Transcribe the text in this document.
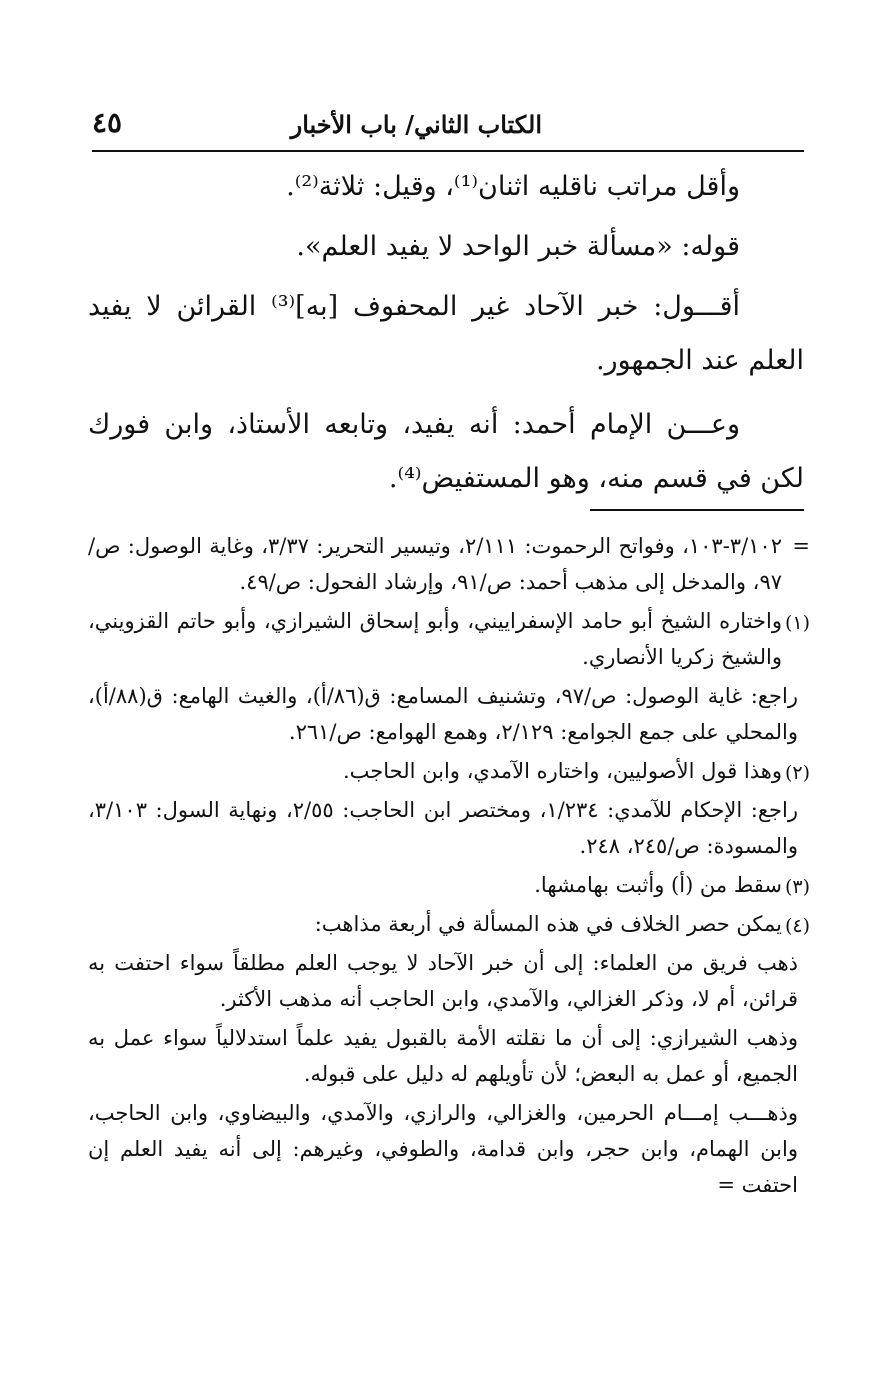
الكتاب الثاني/ باب الأخبار
٤٥

وأقل مراتب ناقليه اثنان⁽¹⁾، وقيل: ثلاثة⁽²⁾.

قوله: «مسألة خبر الواحد لا يفيد العلم».

أقـــول: خبر الآحاد غير المحفوف [به]⁽³⁾ القرائن لا يفيد العلم عند الجمهور.

وعـــن الإمام أحمد: أنه يفيد، وتابعه الأستاذ، وابن فورك لكن في قسم منه، وهو المستفيض⁽⁴⁾.

=
٣/١٠٢-١٠٣، وفواتح الرحموت: ٢/١١١، وتيسير التحرير: ٣/٣٧، وغاية الوصول: ص/٩٧، والمدخل إلى مذهب أحمد: ص/٩١، وإرشاد الفحول: ص/٤٩.

(١)
واختاره الشيخ أبو حامد الإسفراييني، وأبو إسحاق الشيرازي، وأبو حاتم القزويني، والشيخ زكريا الأنصاري.

راجع: غاية الوصول: ص/٩٧، وتشنيف المسامع: ق(٨٦/أ)، والغيث الهامع: ق(٨٨/أ)، والمحلي على جمع الجوامع: ٢/١٢٩، وهمع الهوامع: ص/٢٦١.

(٢)
وهذا قول الأصوليين، واختاره الآمدي، وابن الحاجب.

راجع: الإحكام للآمدي: ١/٢٣٤، ومختصر ابن الحاجب: ٢/٥٥، ونهاية السول: ٣/١٠٣، والمسودة: ص/٢٤٥، ٢٤٨.

(٣)
سقط من (أ) وأثبت بهامشها.

(٤)
يمكن حصر الخلاف في هذه المسألة في أربعة مذاهب:

ذهب فريق من العلماء: إلى أن خبر الآحاد لا يوجب العلم مطلقاً سواء احتفت به قرائن، أم لا، وذكر الغزالي، والآمدي، وابن الحاجب أنه مذهب الأكثر.

وذهب الشيرازي: إلى أن ما نقلته الأمة بالقبول يفيد علماً استدلالياً سواء عمل به الجميع، أو عمل به البعض؛ لأن تأويلهم له دليل على قبوله.

وذهـــب إمـــام الحرمين، والغزالي، والرازي، والآمدي، والبيضاوي، وابن الحاجب، وابن الهمام، وابن حجر، وابن قدامة، والطوفي، وغيرهم: إلى أنه يفيد العلم إن احتفت =
